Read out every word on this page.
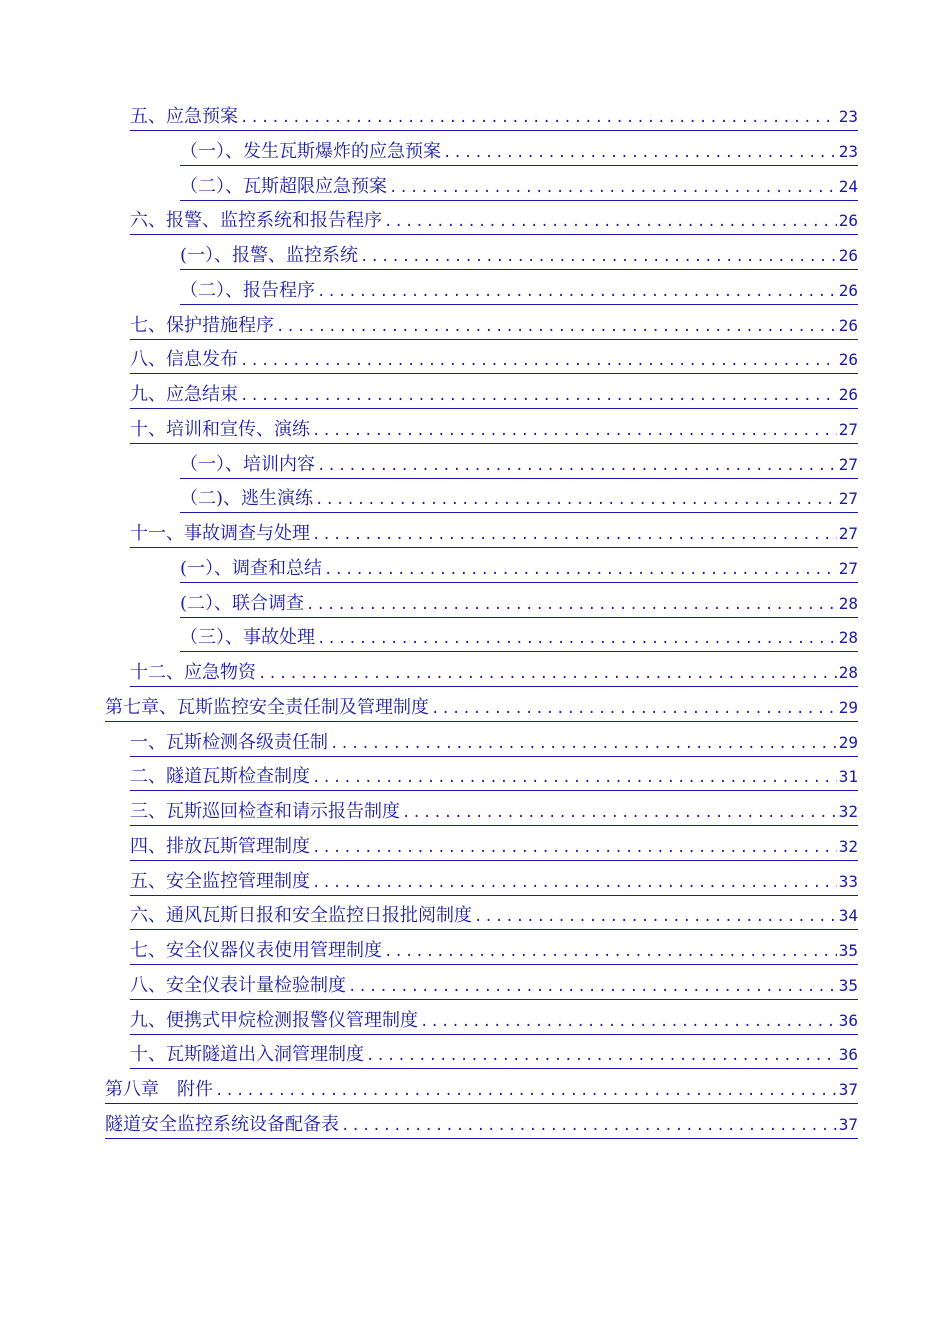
五、应急预案 .....	23
（一）、发生瓦斯爆炸的应急预案 .....	23
（二）、瓦斯超限应急预案 .....	24
六、报警、监控系统和报告程序 .....	26
(一）、报警、监控系统 .....	26
（二）、报告程序 .....	26
七、保护措施程序 .....	26
八、信息发布 .....	26
九、应急结束 .....	26
十、培训和宣传、演练 .....	27
（一）、培训内容 .....	27
（二)、逃生演练 .....	27
十一、事故调查与处理 .....	27
(一）、调查和总结 .....	27
(二）、联合调查 .....	28
（三）、事故处理 .....	28
十二、应急物资 .....	28
第七章、瓦斯监控安全责任制及管理制度 .....	29
一、瓦斯检测各级责任制 .....	29
二、隧道瓦斯检查制度 .....	31
三、瓦斯巡回检查和请示报告制度 .....	32
四、排放瓦斯管理制度 .....	32
五、安全监控管理制度 .....	33
六、通风瓦斯日报和安全监控日报批阅制度 .....	34
七、安全仪器仪表使用管理制度 .....	35
八、安全仪表计量检验制度 .....	35
九、便携式甲烷检测报警仪管理制度 .....	36
十、瓦斯隧道出入洞管理制度 .....	36
第八章　附件 .....	37
隧道安全监控系统设备配备表 .....	37
